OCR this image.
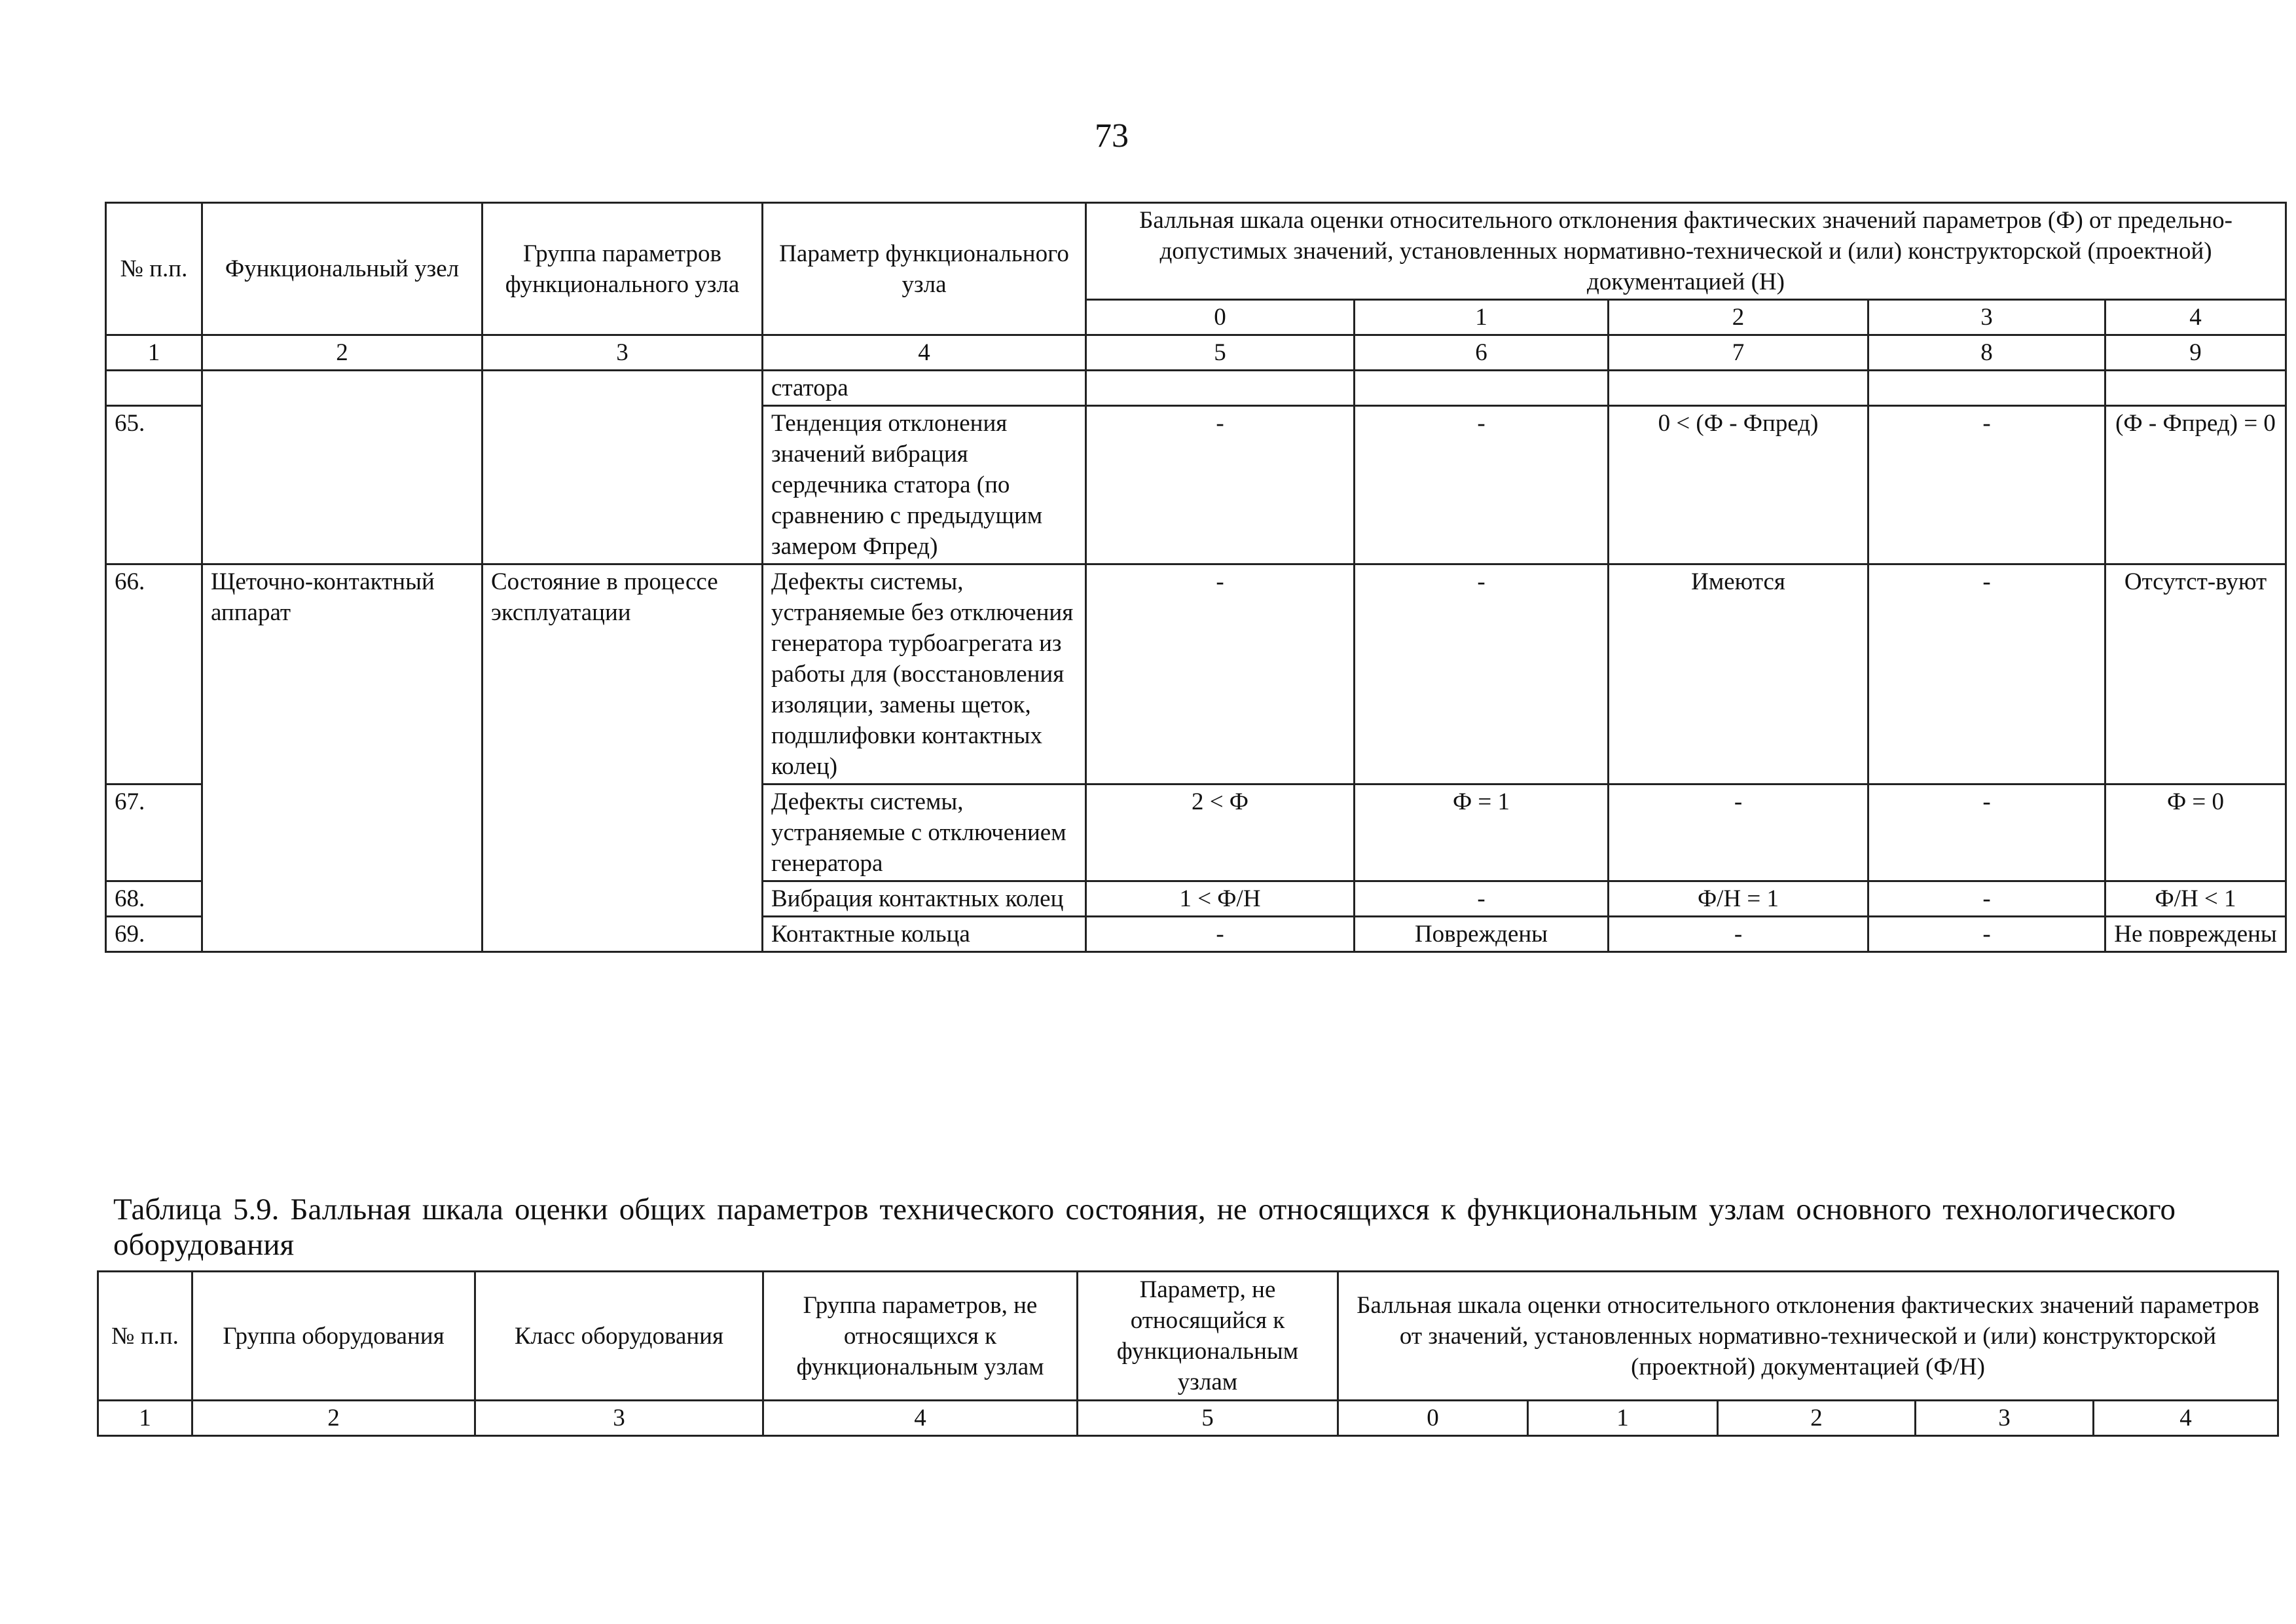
73
№ п.п.	Функциональный узел	Группа параметров функционального узла	Параметр функционального узла	Балльная шкала оценки относительного отклонения фактических значений параметров (Ф) от предельно-допустимых значений, установленных нормативно-технической и (или) конструкторской (проектной) документацией (Н)				
				0	1	2	3	4
1	2	3	4	5	6	7	8	9
			статора					
65.			Тенденция отклонения значений вибрация сердечника статора (по сравнению с предыдущим замером Фпред)	-	-	0 < (Ф - Фпред)	-	(Ф - Фпред) = 0
66.	Щеточно-контактный аппарат	Состояние в процессе эксплуатации	Дефекты системы, устраняемые без отключения генератора турбоагрегата из работы для (восстановления изоляции, замены щеток, подшлифовки контактных колец)	-	-	Имеются	-	Отсутст-вуют
67.			Дефекты системы, устраняемые с отключением генератора	2 < Ф	Ф = 1	-	-	Ф = 0
68.			Вибрация контактных колец	1 < Ф/Н	-	Ф/Н = 1	-	Ф/Н < 1
69.			Контактные кольца	-	Повреждены	-	-	Не повреждены
Таблица 5.9. Балльная шкала оценки общих параметров технического состояния, не относящихся к функциональным узлам основного технологического оборудования
№ п.п.	Группа оборудования	Класс оборудования	Группа параметров, не относящихся к функциональным узлам	Параметр, не относящийся к функциональным узлам	Балльная шкала оценки относительного отклонения фактических значений параметров от значений, установленных нормативно-технической и (или) конструкторской (проектной) документацией (Ф/Н)				
1	2	3	4	5	0	1	2	3	4
